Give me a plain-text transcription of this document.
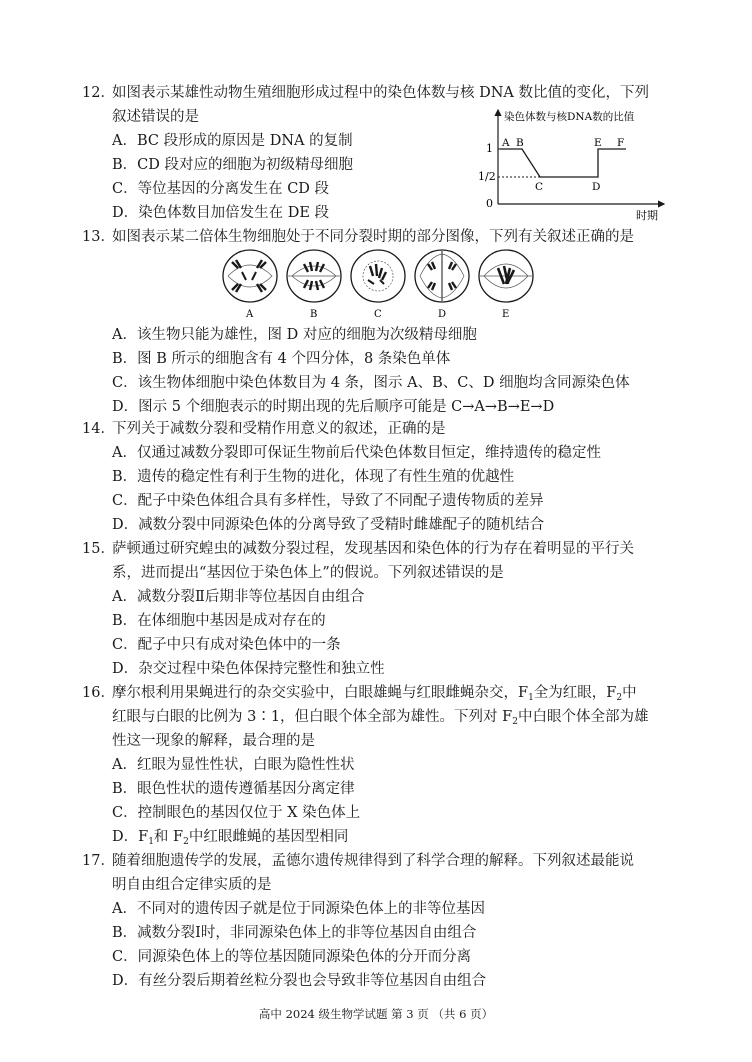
12．
如图表示某雄性动物生殖细胞形成过程中的染色体数与核 DNA 数比值的变化，下列
叙述错误的是
A．BC 段形成的原因是 DNA 的复制
B．CD 段对应的细胞为初级精母细胞
C．等位基因的分离发生在 CD 段
D．染色体数目加倍发生在 DE 段
染色体数与核DNA数的比值
时期
1
1/2
0
A B
C	D
E F
13．
如图表示某二倍体生物细胞处于不同分裂时期的部分图像，下列有关叙述正确的是
A	B	C	D	E
A．该生物只能为雄性，图 D 对应的细胞为次级精母细胞
B．图 B 所示的细胞含有 4 个四分体，8 条染色单体
C．该生物体细胞中染色体数目为 4 条，图示 A、B、C、D 细胞均含同源染色体
D．图示 5 个细胞表示的时期出现的先后顺序可能是 C→A→B→E→D
14．
下列关于减数分裂和受精作用意义的叙述，正确的是
A．仅通过减数分裂即可保证生物前后代染色体数目恒定，维持遗传的稳定性
B．遗传的稳定性有利于生物的进化，体现了有性生殖的优越性
C．配子中染色体组合具有多样性，导致了不同配子遗传物质的差异
D．减数分裂中同源染色体的分离导致了受精时雌雄配子的随机结合
15．
萨顿通过研究蝗虫的减数分裂过程，发现基因和染色体的行为存在着明显的平行关
系，进而提出“基因位于染色体上”的假说。下列叙述错误的是
A．减数分裂Ⅱ后期非等位基因自由组合
B．在体细胞中基因是成对存在的
C．配子中只有成对染色体中的一条
D．杂交过程中染色体保持完整性和独立性
16．
摩尔根利用果蝇进行的杂交实验中，白眼雄蝇与红眼雌蝇杂交，$F_1$全为红眼，$F_2$中
红眼与白眼的比例为 3∶1，但白眼个体全部为雄性。下列对 $F_2$中白眼个体全部为雄
性这一现象的解释，最合理的是
A．红眼为显性性状，白眼为隐性性状
B．眼色性状的遗传遵循基因分离定律
C．控制眼色的基因仅位于 X 染色体上
D．$F_1$和 $F_2$中红眼雌蝇的基因型相同
17．
随着细胞遗传学的发展，孟德尔遗传规律得到了科学合理的解释。下列叙述最能说
明自由组合定律实质的是
A．不同对的遗传因子就是位于同源染色体上的非等位基因
B．减数分裂Ⅰ时，非同源染色体上的非等位基因自由组合
C．同源染色体上的等位基因随同源染色体的分开而分离
D．有丝分裂后期着丝粒分裂也会导致非等位基因自由组合
高中 2024 级生物学试题 第 3 页 （共 6 页）
